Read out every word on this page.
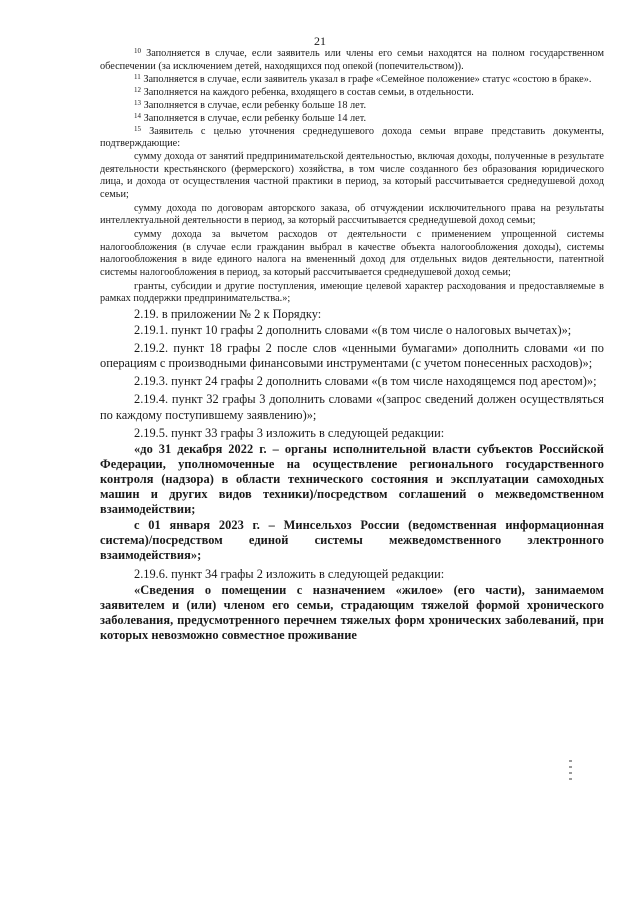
21

$^{10}$ Заполняется в случае, если заявитель или члены его семьи находятся на полном государственном обеспечении (за исключением детей, находящихся под опекой (попечительством)).

$^{11}$ Заполняется в случае, если заявитель указал в графе «Семейное положение» статус «состою в браке».

$^{12}$ Заполняется на каждого ребенка, входящего в состав семьи, в отдельности.

$^{13}$ Заполняется в случае, если ребенку больше 18 лет.

$^{14}$ Заполняется в случае, если ребенку больше 14 лет.

$^{15}$ Заявитель с целью уточнения среднедушевого дохода семьи вправе представить документы, подтверждающие:

сумму дохода от занятий предпринимательской деятельностью, включая доходы, полученные в результате деятельности крестьянского (фермерского) хозяйства, в том числе созданного без образования юридического лица, и дохода от осуществления частной практики в период, за который рассчитывается среднедушевой доход семьи;

сумму дохода по договорам авторского заказа, об отчуждении исключительного права на результаты интеллектуальной деятельности в период, за который рассчитывается среднедушевой доход семьи;

сумму дохода за вычетом расходов от деятельности с применением упрощенной системы налогообложения (в случае если гражданин выбрал в качестве объекта налогообложения доходы), системы налогообложения в виде единого налога на вмененный доход для отдельных видов деятельности, патентной системы налогообложения в период, за который рассчитывается среднедушевой доход семьи;

гранты, субсидии и другие поступления, имеющие целевой характер расходования и предоставляемые в рамках поддержки предпринимательства.»;

2.19. в приложении № 2 к Порядку:

2.19.1. пункт 10 графы 2 дополнить словами «(в том числе о налоговых вычетах)»;

2.19.2. пункт 18 графы 2 после слов «ценными бумагами» дополнить словами «и по операциям с производными финансовыми инструментами (с учетом понесенных расходов)»;

2.19.3. пункт 24 графы 2 дополнить словами «(в том числе находящемся под арестом)»;

2.19.4. пункт 32 графы 3 дополнить словами «(запрос сведений должен осуществляться по каждому поступившему заявлению)»;

2.19.5. пункт 33 графы 3 изложить в следующей редакции:

«до 31 декабря 2022 г. – органы исполнительной власти субъектов Российской Федерации, уполномоченные на осуществление регионального государственного контроля (надзора) в области технического состояния и эксплуатации самоходных машин и других видов техники)/посредством соглашений о межведомственном взаимодействии;

с 01 января 2023 г. – Минсельхоз России (ведомственная информационная система)/посредством единой системы межведомственного электронного взаимодействия»;

2.19.6. пункт 34 графы 2 изложить в следующей редакции:

«Сведения о помещении с назначением «жилое» (его части), занимаемом заявителем и (или) членом его семьи, страдающим тяжелой формой хронического заболевания, предусмотренного перечнем тяжелых форм хронических заболеваний, при которых невозможно совместное проживание
